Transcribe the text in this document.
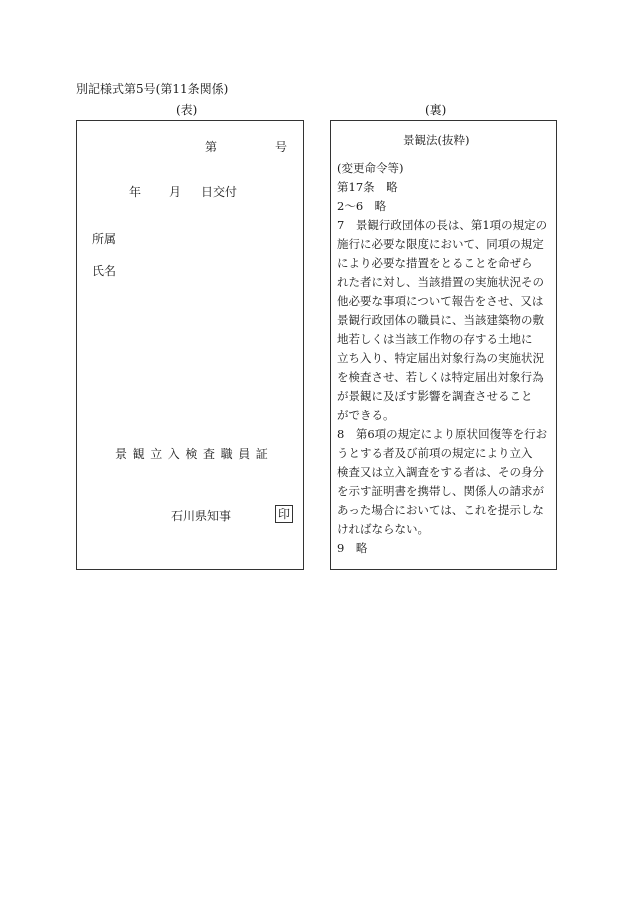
別記様式第5号(第11条関係)
(表)	(裏)
第	号
年 月 日交付
所属
氏名
景観立入検査職員証
石川県知事	印
景観法(抜粋)
(変更命令等)
第17条　略
2〜6　略
7　景観行政団体の長は、第1項の規定の
施行に必要な限度において、同項の規定
により必要な措置をとることを命ぜら
れた者に対し、当該措置の実施状況その
他必要な事項について報告をさせ、又は
景観行政団体の職員に、当該建築物の敷
地若しくは当該工作物の存する土地に
立ち入り、特定届出対象行為の実施状況
を検査させ、若しくは特定届出対象行為
が景観に及ぼす影響を調査させること
ができる。
8　第6項の規定により原状回復等を行お
うとする者及び前項の規定により立入
検査又は立入調査をする者は、その身分
を示す証明書を携帯し、関係人の請求が
あった場合においては、これを提示しな
ければならない。
9　略
